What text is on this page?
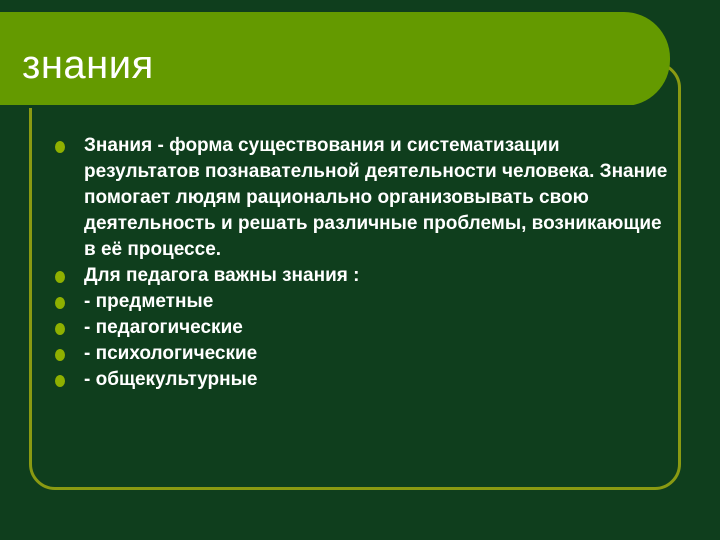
знания
Знания - форма существования и систематизации результатов познавательной деятельности человека. Знание помогает людям рационально организовывать свою деятельность и решать различные проблемы, возникающие в её процессе.
Для педагога важны знания :
- предметные
- педагогические
- психологические
- общекультурные
